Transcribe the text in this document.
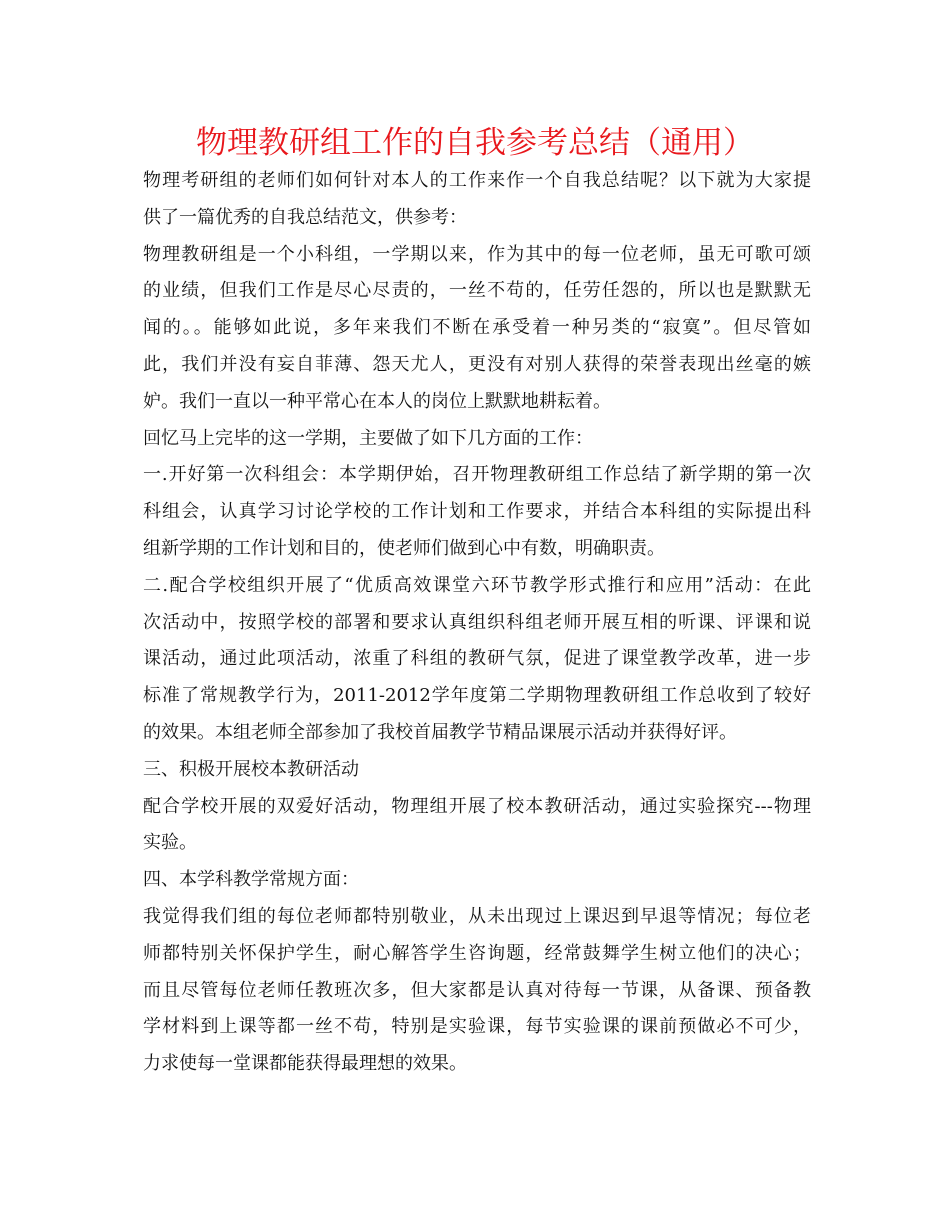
物理教研组工作的自我参考总结（通用）
物理考研组的老师们如何针对本人的工作来作一个自我总结呢？以下就为大家提
供了一篇优秀的自我总结范文，供参考：
物理教研组是一个小科组，一学期以来，作为其中的每一位老师，虽无可歌可颂
的业绩，但我们工作是尽心尽责的，一丝不苟的，任劳任怨的，所以也是默默无
闻的。。能够如此说，多年来我们不断在承受着一种另类的“寂寞”。但尽管如
此，我们并没有妄自菲薄、怨天尤人，更没有对别人获得的荣誉表现出丝毫的嫉
妒。我们一直以一种平常心在本人的岗位上默默地耕耘着。
回忆马上完毕的这一学期，主要做了如下几方面的工作：
一.开好第一次科组会：本学期伊始，召开物理教研组工作总结了新学期的第一次
科组会，认真学习讨论学校的工作计划和工作要求，并结合本科组的实际提出科
组新学期的工作计划和目的，使老师们做到心中有数，明确职责。
二.配合学校组织开展了“优质高效课堂六环节教学形式推行和应用”活动：在此
次活动中，按照学校的部署和要求认真组织科组老师开展互相的听课、评课和说
课活动，通过此项活动，浓重了科组的教研气氛，促进了课堂教学改革，进一步
标准了常规教学行为，2011-2012学年度第二学期物理教研组工作总收到了较好
的效果。本组老师全部参加了我校首届教学节精品课展示活动并获得好评。
三、积极开展校本教研活动
配合学校开展的双爱好活动，物理组开展了校本教研活动，通过实验探究---物理
实验。
四、本学科教学常规方面：
我觉得我们组的每位老师都特别敬业，从未出现过上课迟到早退等情况；每位老
师都特别关怀保护学生，耐心解答学生咨询题，经常鼓舞学生树立他们的决心；
而且尽管每位老师任教班次多，但大家都是认真对待每一节课，从备课、预备教
学材料到上课等都一丝不苟，特别是实验课，每节实验课的课前预做必不可少，
力求使每一堂课都能获得最理想的效果。
